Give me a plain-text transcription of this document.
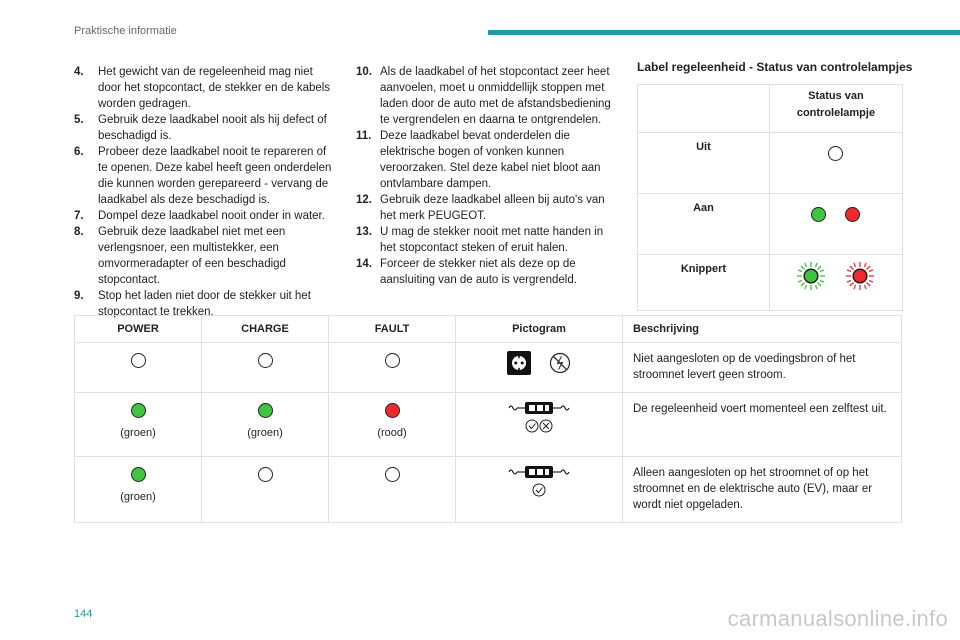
Praktische informatie
4.	Het gewicht van de regeleenheid mag niet door het stopcontact, de stekker en de kabels worden gedragen.
5.	Gebruik deze laadkabel nooit als hij defect of beschadigd is.
6.	Probeer deze laadkabel nooit te repareren of te openen. Deze kabel heeft geen onderdelen die kunnen worden gerepareerd - vervang de laadkabel als deze beschadigd is.
7.	Dompel deze laadkabel nooit onder in water.
8.	Gebruik deze laadkabel niet met een verlengsnoer, een multistekker, een omvormeradapter of een beschadigd stopcontact.
9.	Stop het laden niet door de stekker uit het stopcontact te trekken.
10. Als de laadkabel of het stopcontact zeer heet aanvoelen, moet u onmiddellijk stoppen met laden door de auto met de afstandsbediening te vergrendelen en daarna te ontgrendelen.
11. Deze laadkabel bevat onderdelen die elektrische bogen of vonken kunnen veroorzaken. Stel deze kabel niet bloot aan ontvlambare dampen.
12. Gebruik deze laadkabel alleen bij auto's van het merk PEUGEOT.
13. U mag de stekker nooit met natte handen in het stopcontact steken of eruit halen.
14. Forceer de stekker niet als deze op de aansluiting van de auto is vergrendeld.
Label regeleenheid - Status van controlelampjes
	Status van controlelampje
Uit	
Aan	
Knippert	
POWER	CHARGE	FAULT	Pictogram	Beschrijving
				Niet aangesloten op de voedingsbron of het stroomnet levert geen stroom.

(groen)	(groen)	(rood)		De regeleenheid voert momenteel een zelftest uit.

(groen)				Alleen aangesloten op het stroomnet of op het stroomnet en de elektrische auto (EV), maar er wordt niet opgeladen.
144	carmanualsonline.info
